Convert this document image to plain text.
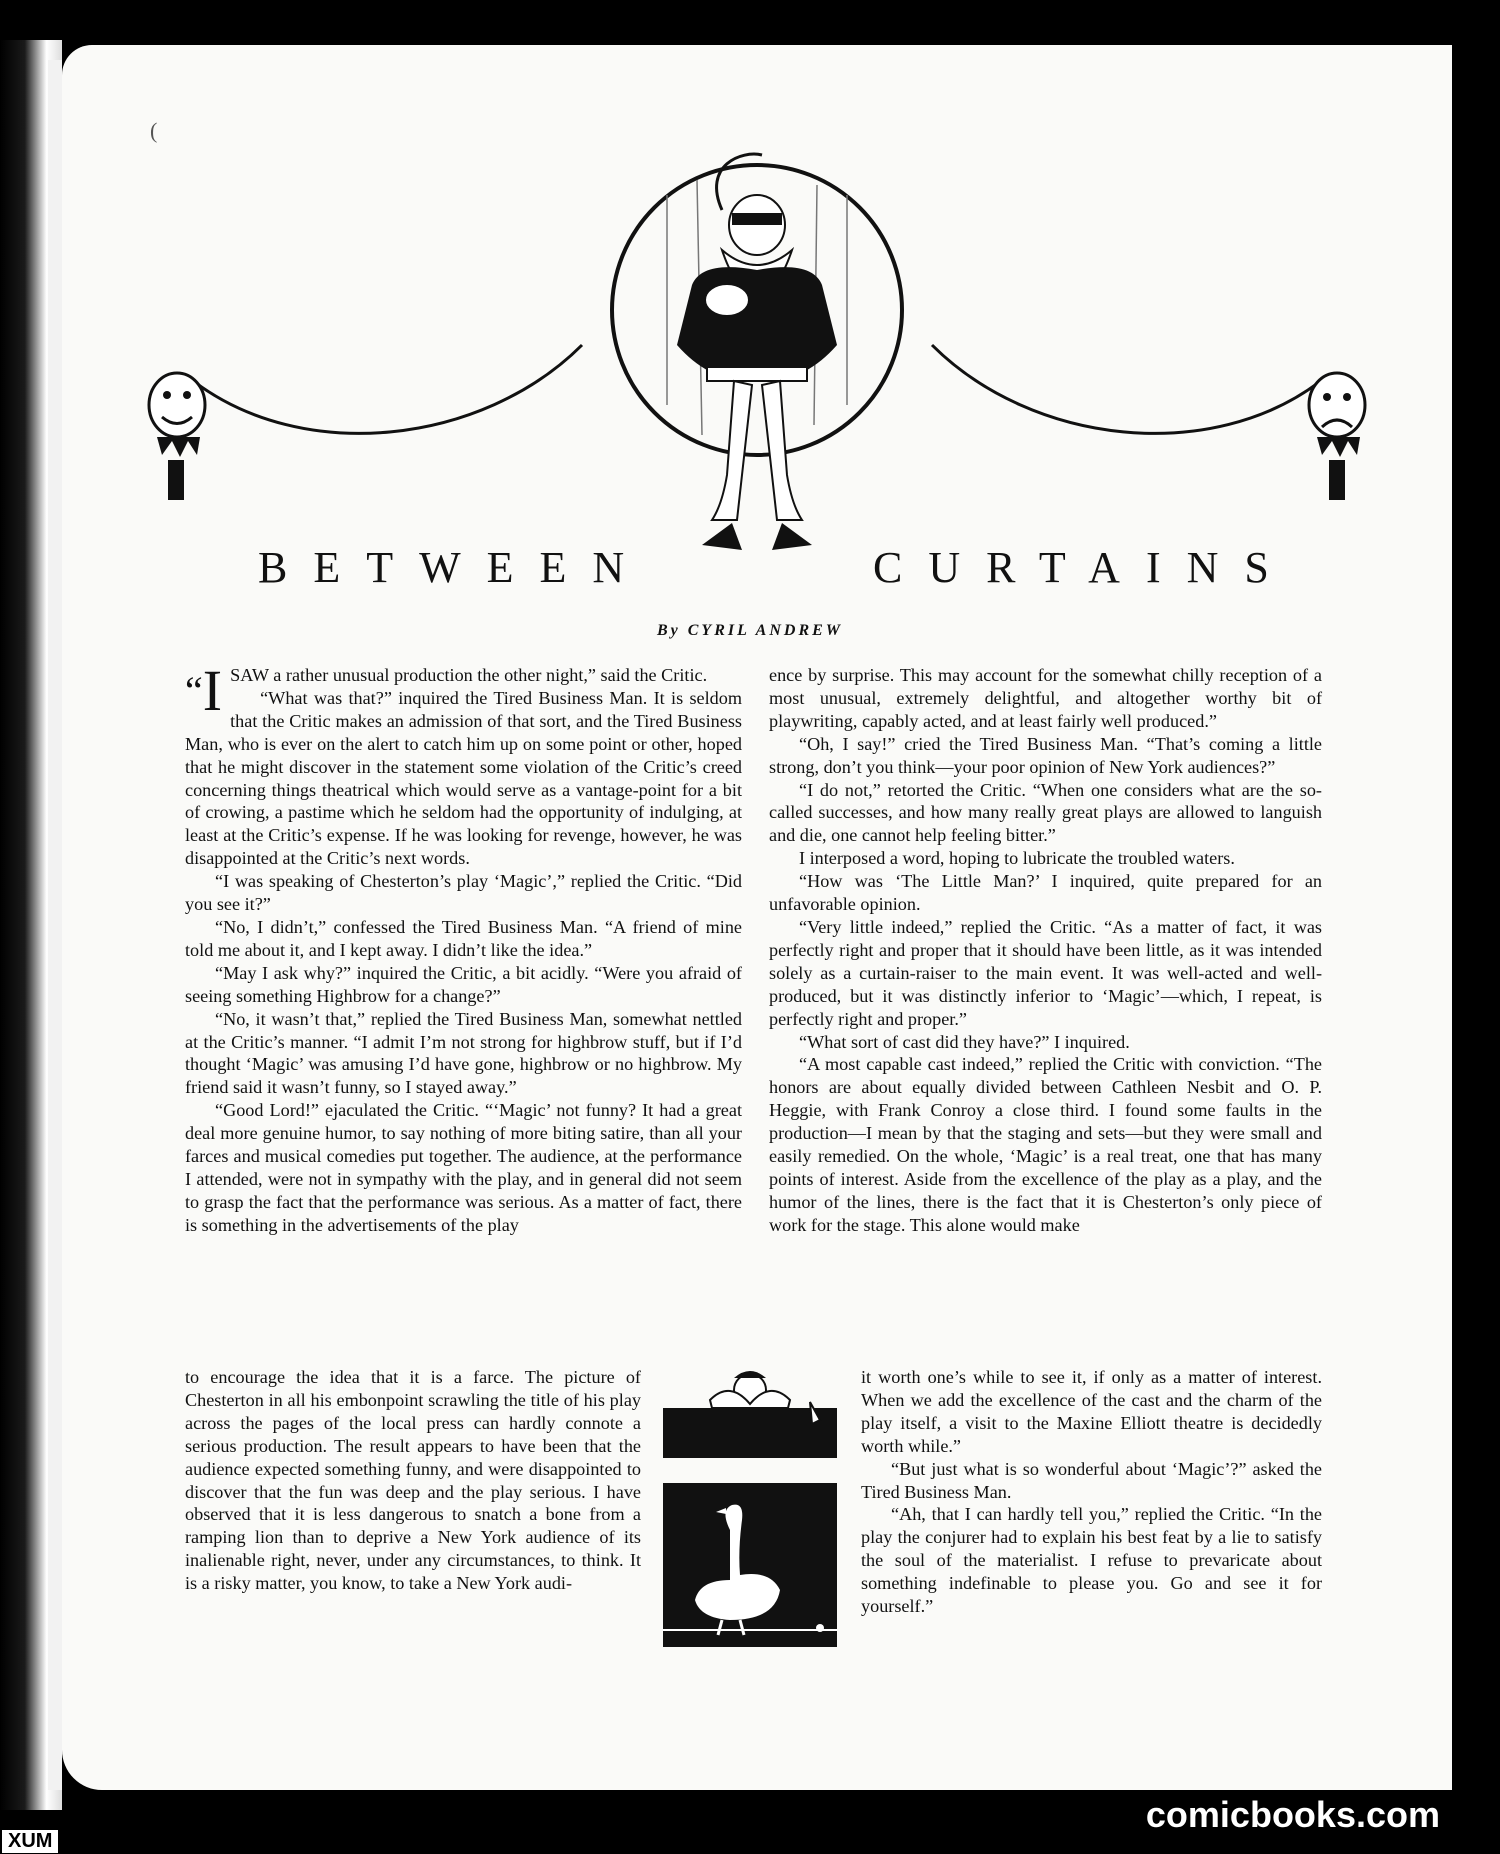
(
BETWEEN	CURTAINS
By CYRIL ANDREW

“I SAW a rather unusual production the other night,” said the Critic.

“What was that?” inquired the Tired Business Man. It is seldom that the Critic makes an admission of that sort, and the Tired Business Man, who is ever on the alert to catch him up on some point or other, hoped that he might discover in the statement some violation of the Critic’s creed concerning things theatrical which would serve as a vantage-point for a bit of crowing, a pastime which he seldom had the opportunity of indulging, at least at the Critic’s expense. If he was looking for revenge, however, he was disappointed at the Critic’s next words.

“I was speaking of Chesterton’s play ‘Magic’,” replied the Critic. “Did you see it?”

“No, I didn’t,” confessed the Tired Business Man. “A friend of mine told me about it, and I kept away. I didn’t like the idea.”

“May I ask why?” inquired the Critic, a bit acidly. “Were you afraid of seeing something Highbrow for a change?”

“No, it wasn’t that,” replied the Tired Business Man, somewhat nettled at the Critic’s manner. “I admit I’m not strong for highbrow stuff, but if I’d thought ‘Magic’ was amusing I’d have gone, highbrow or no highbrow. My friend said it wasn’t funny, so I stayed away.”

“Good Lord!” ejaculated the Critic. “‘Magic’ not funny? It had a great deal more genuine humor, to say nothing of more biting satire, than all your farces and musical comedies put together. The audience, at the performance I attended, were not in sympathy with the play, and in general did not seem to grasp the fact that the performance was serious. As a matter of fact, there is something in the advertisements of the play

to encourage the idea that it is a farce. The picture of Chesterton in all his embonpoint scrawling the title of his play across the pages of the local press can hardly connote a serious production. The result appears to have been that the audience expected something funny, and were disappointed to discover that the fun was deep and the play serious. I have observed that it is less dangerous to snatch a bone from a ramping lion than to deprive a New York audience of its inalienable right, never, under any circumstances, to think. It is a risky matter, you know, to take a New York audi-

ence by surprise. This may account for the somewhat chilly reception of a most unusual, extremely delightful, and altogether worthy bit of playwriting, capably acted, and at least fairly well produced.”

“Oh, I say!” cried the Tired Business Man. “That’s coming a little strong, don’t you think—your poor opinion of New York audiences?”

“I do not,” retorted the Critic. “When one considers what are the so-called successes, and how many really great plays are allowed to languish and die, one cannot help feeling bitter.”

I interposed a word, hoping to lubricate the troubled waters.

“How was ‘The Little Man?’ I inquired, quite prepared for an unfavorable opinion.

“Very little indeed,” replied the Critic. “As a matter of fact, it was perfectly right and proper that it should have been little, as it was intended solely as a curtain-raiser to the main event. It was well-acted and well-produced, but it was distinctly inferior to ‘Magic’—which, I repeat, is perfectly right and proper.”

“What sort of cast did they have?” I inquired.

“A most capable cast indeed,” replied the Critic with conviction. “The honors are about equally divided between Cathleen Nesbit and O. P. Heggie, with Frank Conroy a close third. I found some faults in the production—I mean by that the staging and sets—but they were small and easily remedied. On the whole, ‘Magic’ is a real treat, one that has many points of interest. Aside from the excellence of the play as a play, and the humor of the lines, there is the fact that it is Chesterton’s only piece of work for the stage. This alone would make

it worth one’s while to see it, if only as a matter of interest. When we add the excellence of the cast and the charm of the play itself, a visit to the Maxine Elliott theatre is decidedly worth while.”

“But just what is so wonderful about ‘Magic’?” asked the Tired Business Man.

“Ah, that I can hardly tell you,” replied the Critic. “In the play the conjurer had to explain his best feat by a lie to satisfy the soul of the materialist. I refuse to prevaricate about something indefinable to please you. Go and see it for yourself.”

comicbooks.com
XUM
